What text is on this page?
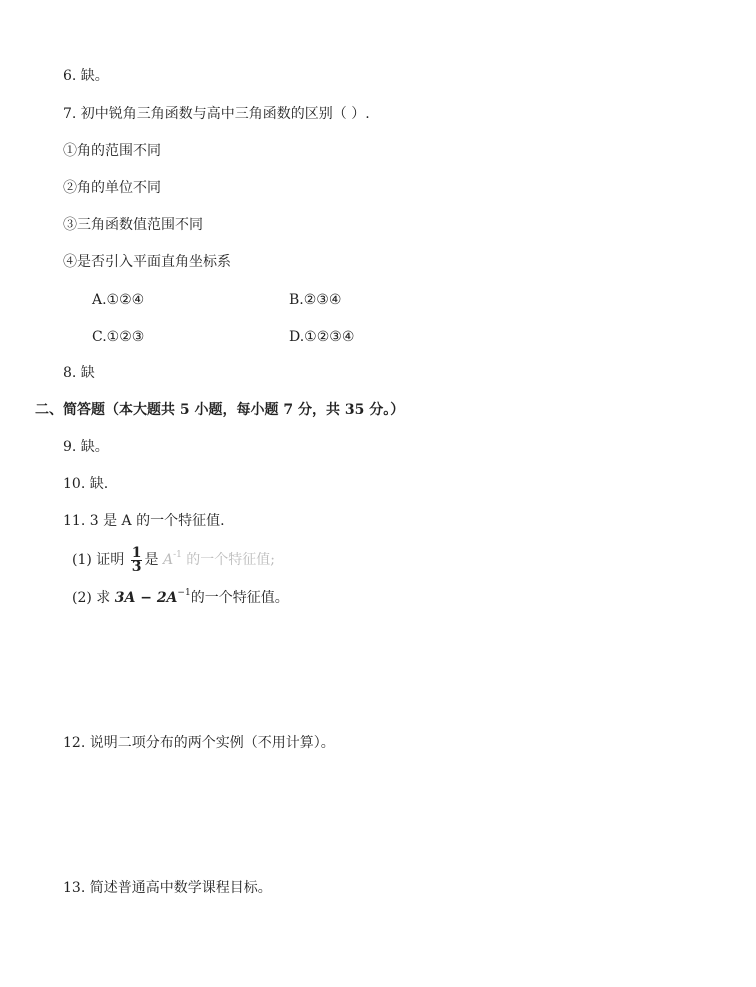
6. 缺。
7. 初中锐角三角函数与高中三角函数的区别（ ）.
①角的范围不同
②角的单位不同
③三角函数值范围不同
④是否引入平面直角坐标系
A.①②④	B.②③④
C.①②③	D.①②③④
8. 缺
二、简答题（本大题共 5 小题，每小题 7 分，共 35 分。）
9. 缺。
10. 缺.
11. 3 是 A 的一个特征值.
(1) 证明 $\frac{1}{3}$ 是 $A^{-1}$ 的一个特征值;
(2) 求 $3A - 2A^{-1}$的一个特征值。
12. 说明二项分布的两个实例（不用计算）。
13. 简述普通高中数学课程目标。
